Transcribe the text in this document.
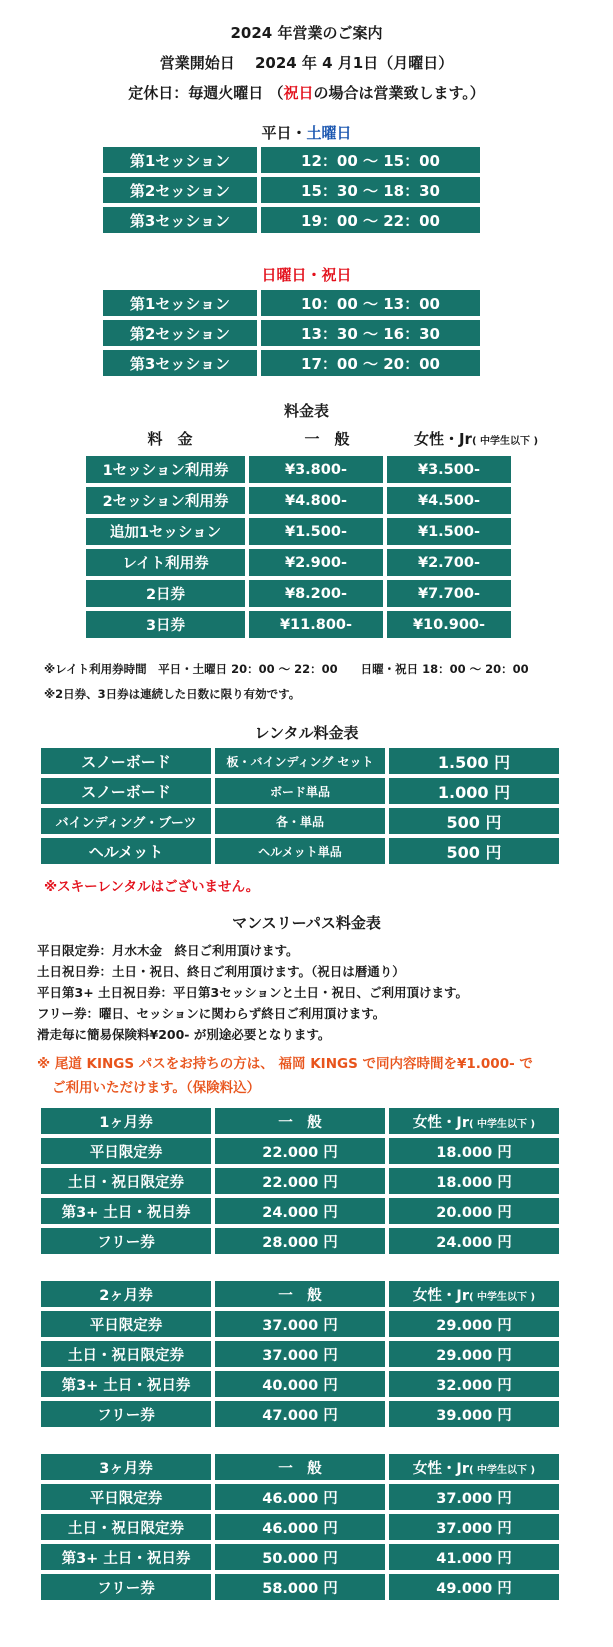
2024 年営業のご案内
営業開始日　 2024 年 4 月1日（月曜日）
定休日：毎週火曜日 （祝日の場合は営業致します。）
平日・土曜日
第1セッション	12：00 ～ 15：00
第2セッション	15：30 ～ 18：30
第3セッション	19：00 ～ 22：00
日曜日・祝日
第1セッション	10：00 ～ 13：00
第2セッション	13：30 ～ 16：30
第3セッション	17：00 ～ 20：00
料金表
料　金	一　般	女性・Jr( 中学生以下 )
1セッション利用券	¥3.800-	¥3.500-
2セッション利用券	¥4.800-	¥4.500-
追加1セッション	¥1.500-	¥1.500-
レイト利用券	¥2.900-	¥2.700-
2日券	¥8.200-	¥7.700-
3日券	¥11.800-	¥10.900-
※レイト利用券時間　平日・土曜日 20：00 ～ 22：00　　日曜・祝日 18：00 ～ 20：00
※2日券、3日券は連続した日数に限り有効です。
レンタル料金表
スノーボード	板・バインディング セット	1.500 円
スノーボード	ボード単品	1.000 円
バインディング・ブーツ	各・単品	500 円
ヘルメット	ヘルメット単品	500 円
※スキーレンタルはございません。
マンスリーパス料金表
平日限定券：月水木金　終日ご利用頂けます。
土日祝日券：土日・祝日、終日ご利用頂けます。（祝日は暦通り）
平日第3+ 土日祝日券：平日第3セッションと土日・祝日、ご利用頂けます。
フリー券：曜日、セッションに関わらず終日ご利用頂けます。
滑走毎に簡易保険料¥200- が別途必要となります。
※ 尾道 KINGS パスをお持ちの方は、 福岡 KINGS で同内容時間を¥1.000- で
ご利用いただけます。（保険料込）
1ヶ月券	一　般	女性・Jr( 中学生以下 )
平日限定券	22.000 円	18.000 円
土日・祝日限定券	22.000 円	18.000 円
第3+ 土日・祝日券	24.000 円	20.000 円
フリー券	28.000 円	24.000 円
2ヶ月券	一　般	女性・Jr( 中学生以下 )
平日限定券	37.000 円	29.000 円
土日・祝日限定券	37.000 円	29.000 円
第3+ 土日・祝日券	40.000 円	32.000 円
フリー券	47.000 円	39.000 円
3ヶ月券	一　般	女性・Jr( 中学生以下 )
平日限定券	46.000 円	37.000 円
土日・祝日限定券	46.000 円	37.000 円
第3+ 土日・祝日券	50.000 円	41.000 円
フリー券	58.000 円	49.000 円
